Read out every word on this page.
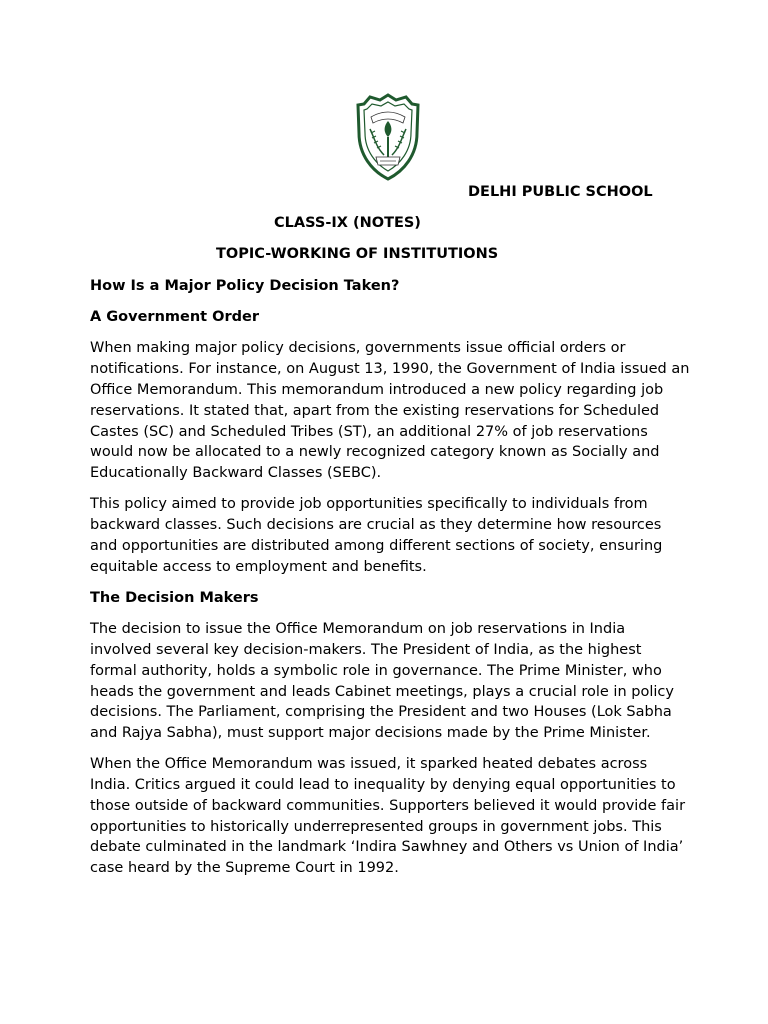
DELHI PUBLIC SCHOOL
CLASS-IX (NOTES)
TOPIC-WORKING OF INSTITUTIONS
How Is a Major Policy Decision Taken?
A Government Order

When making major policy decisions, governments issue official orders or notifications. For instance, on August 13, 1990, the Government of India issued an Office Memorandum. This memorandum introduced a new policy regarding job reservations. It stated that, apart from the existing reservations for Scheduled Castes (SC) and Scheduled Tribes (ST), an additional 27% of job reservations would now be allocated to a newly recognized category known as Socially and Educationally Backward Classes (SEBC).

This policy aimed to provide job opportunities specifically to individuals from backward classes. Such decisions are crucial as they determine how resources and opportunities are distributed among different sections of society, ensuring equitable access to employment and benefits.

The Decision Makers

The decision to issue the Office Memorandum on job reservations in India involved several key decision-makers. The President of India, as the highest formal authority, holds a symbolic role in governance. The Prime Minister, who heads the government and leads Cabinet meetings, plays a crucial role in policy decisions. The Parliament, comprising the President and two Houses (Lok Sabha and Rajya Sabha), must support major decisions made by the Prime Minister.

When the Office Memorandum was issued, it sparked heated debates across India. Critics argued it could lead to inequality by denying equal opportunities to those outside of backward communities. Supporters believed it would provide fair opportunities to historically underrepresented groups in government jobs. This debate culminated in the landmark ‘Indira Sawhney and Others vs Union of India’ case heard by the Supreme Court in 1992.
